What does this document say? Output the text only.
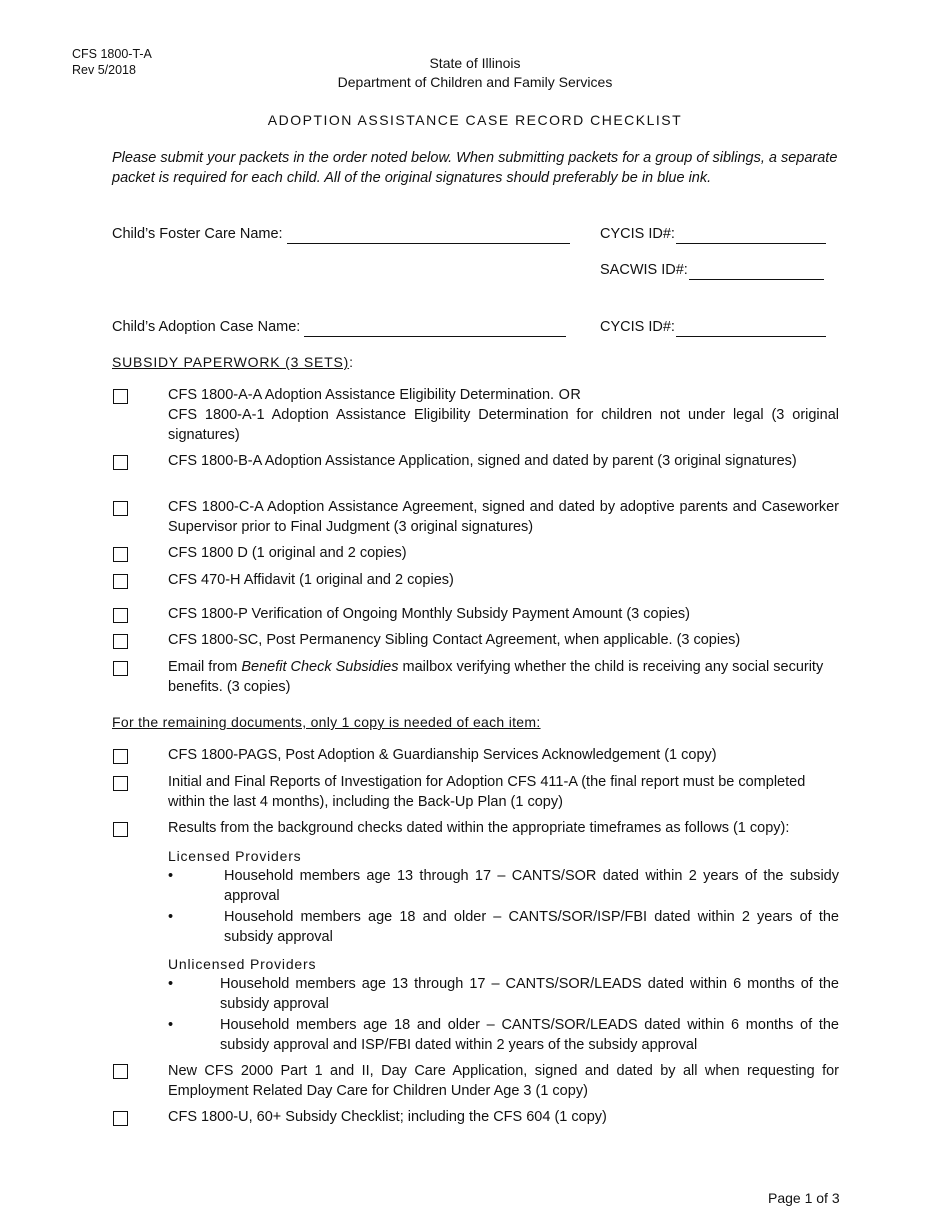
CFS 1800-T-A
Rev 5/2018	State of Illinois
Department of Children and Family Services
ADOPTION ASSISTANCE CASE RECORD CHECKLIST
Please submit your packets in the order noted below. When submitting packets for a group of siblings, a separate packet is required for each child. All of the original signatures should preferably be in blue ink.
Child’s Foster Care Name:	CYCIS ID#:
SACWIS ID#:
Child’s Adoption Case Name:	CYCIS ID#:
SUBSIDY PAPERWORK (3 SETS):
CFS 1800-A-A Adoption Assistance Eligibility Determination. OR
CFS 1800-A-1 Adoption Assistance Eligibility Determination for children not under legal (3 original signatures)
CFS 1800-B-A Adoption Assistance Application, signed and dated by parent (3 original signatures)
CFS 1800-C-A Adoption Assistance Agreement, signed and dated by adoptive parents and Caseworker Supervisor prior to Final Judgment (3 original signatures)
CFS 1800 D (1 original and 2 copies)
CFS 470-H Affidavit (1 original and 2 copies)
CFS 1800-P Verification of Ongoing Monthly Subsidy Payment Amount (3 copies)
CFS 1800-SC, Post Permanency Sibling Contact Agreement, when applicable. (3 copies)
Email from Benefit Check Subsidies mailbox verifying whether the child is receiving any social security benefits. (3 copies)
For the remaining documents, only 1 copy is needed of each item:
CFS 1800-PAGS, Post Adoption & Guardianship Services Acknowledgement (1 copy)
Initial and Final Reports of Investigation for Adoption CFS 411-A (the final report must be completed within the last 4 months), including the Back-Up Plan (1 copy)
Results from the background checks dated within the appropriate timeframes as follows (1 copy):
Licensed Providers
•	Household members age 13 through 17 – CANTS/SOR dated within 2 years of the subsidy approval
•	Household members age 18 and older – CANTS/SOR/ISP/FBI dated within 2 years of the subsidy approval
Unlicensed Providers
•	Household members age 13 through 17 – CANTS/SOR/LEADS dated within 6 months of the subsidy approval
•	Household members age 18 and older – CANTS/SOR/LEADS dated within 6 months of the subsidy approval and ISP/FBI dated within 2 years of the subsidy approval
New CFS 2000 Part 1 and II, Day Care Application, signed and dated by all when requesting for Employment Related Day Care for Children Under Age 3 (1 copy)
CFS 1800-U, 60+ Subsidy Checklist; including the CFS 604 (1 copy)
Page 1 of 3
